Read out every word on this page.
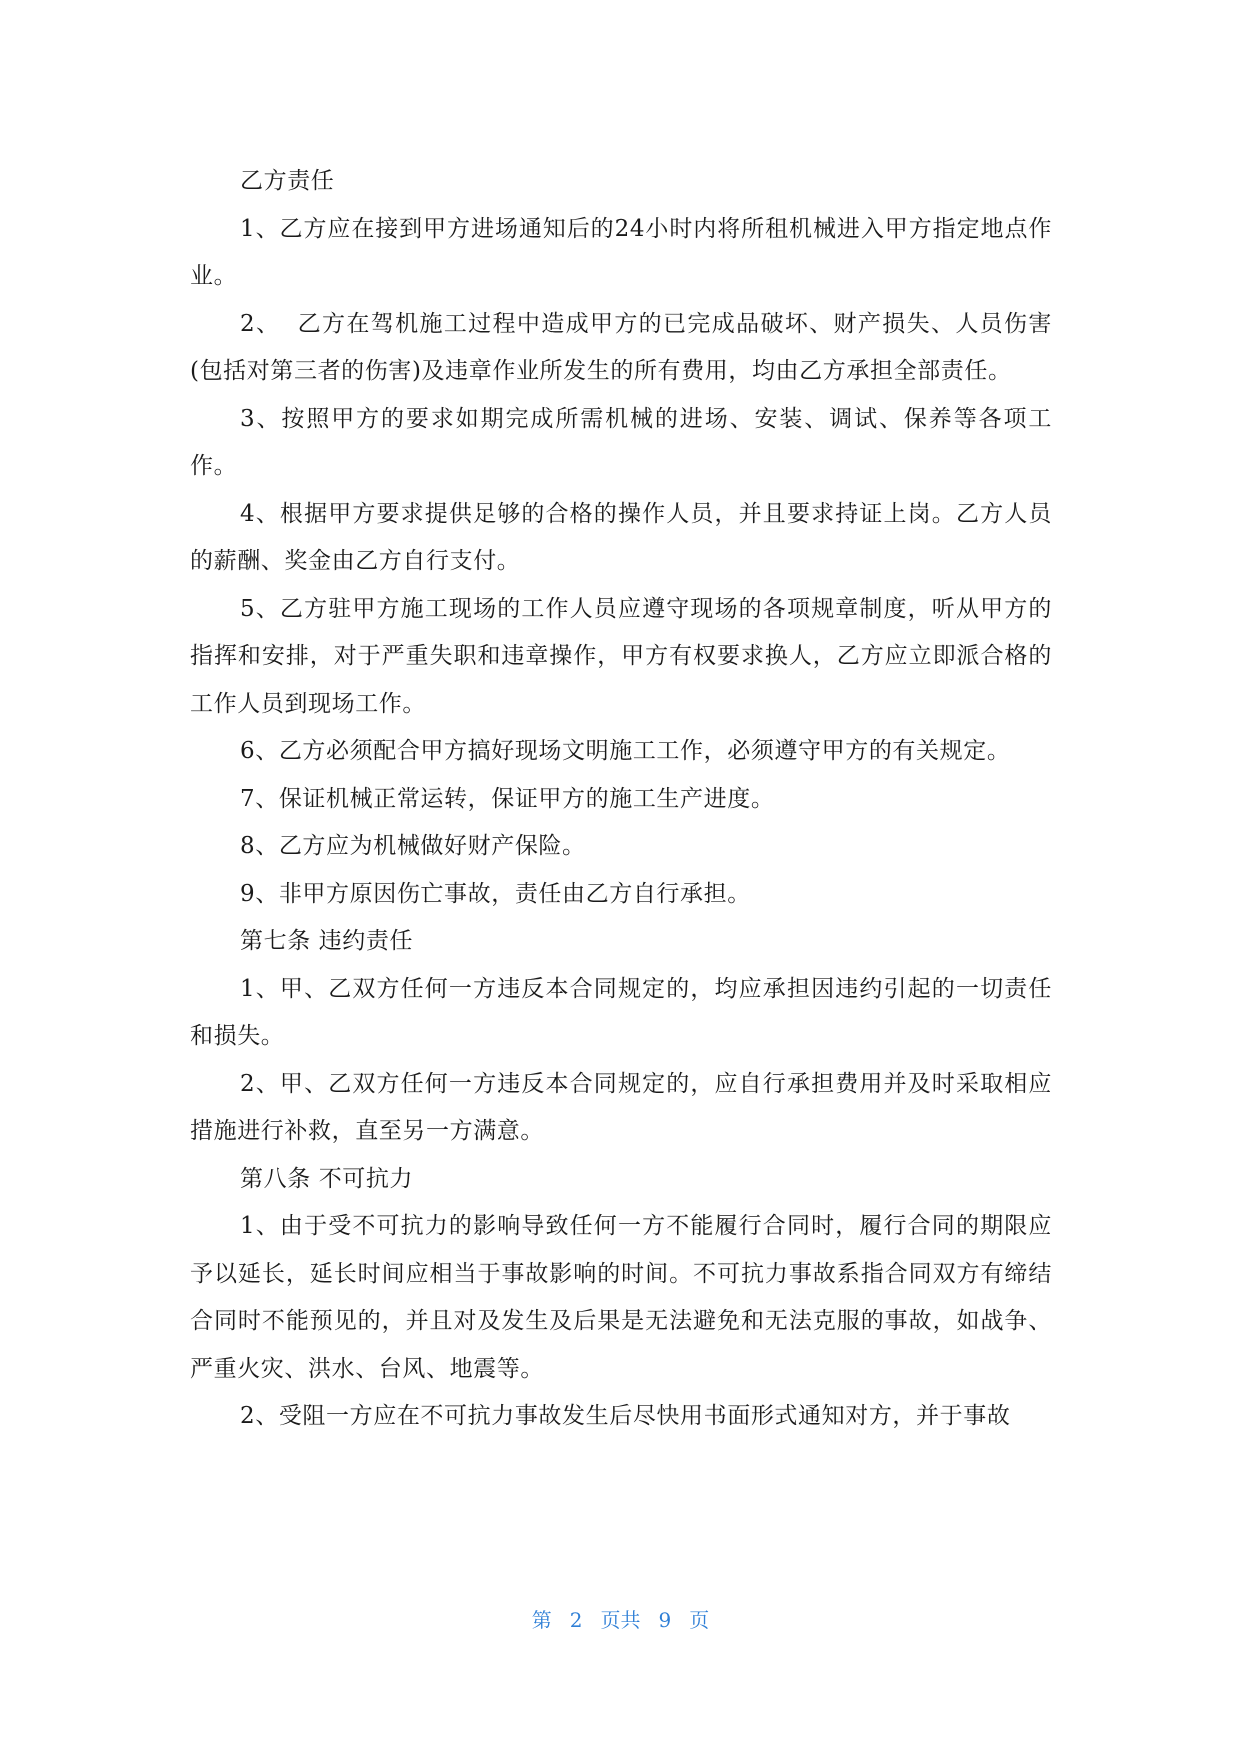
乙方责任

1、乙方应在接到甲方进场通知后的24小时内将所租机械进入甲方指定地点作业。

2、  乙方在驾机施工过程中造成甲方的已完成品破坏、财产损失、人员伤害(包括对第三者的伤害)及违章作业所发生的所有费用，均由乙方承担全部责任。

3、按照甲方的要求如期完成所需机械的进场、安装、调试、保养等各项工作。

4、根据甲方要求提供足够的合格的操作人员，并且要求持证上岗。乙方人员的薪酬、奖金由乙方自行支付。

5、乙方驻甲方施工现场的工作人员应遵守现场的各项规章制度，听从甲方的指挥和安排，对于严重失职和违章操作，甲方有权要求换人，乙方应立即派合格的工作人员到现场工作。

6、乙方必须配合甲方搞好现场文明施工工作，必须遵守甲方的有关规定。

7、保证机械正常运转，保证甲方的施工生产进度。

8、乙方应为机械做好财产保险。

9、非甲方原因伤亡事故，责任由乙方自行承担。

第七条 违约责任

1、甲、乙双方任何一方违反本合同规定的，均应承担因违约引起的一切责任和损失。

2、甲、乙双方任何一方违反本合同规定的，应自行承担费用并及时采取相应措施进行补救，直至另一方满意。

第八条 不可抗力

1、由于受不可抗力的影响导致任何一方不能履行合同时，履行合同的期限应予以延长，延长时间应相当于事故影响的时间。不可抗力事故系指合同双方有缔结合同时不能预见的，并且对及发生及后果是无法避免和无法克服的事故，如战争、严重火灾、洪水、台风、地震等。

2、受阻一方应在不可抗力事故发生后尽快用书面形式通知对方，并于事故

第 2 页共 9 页
